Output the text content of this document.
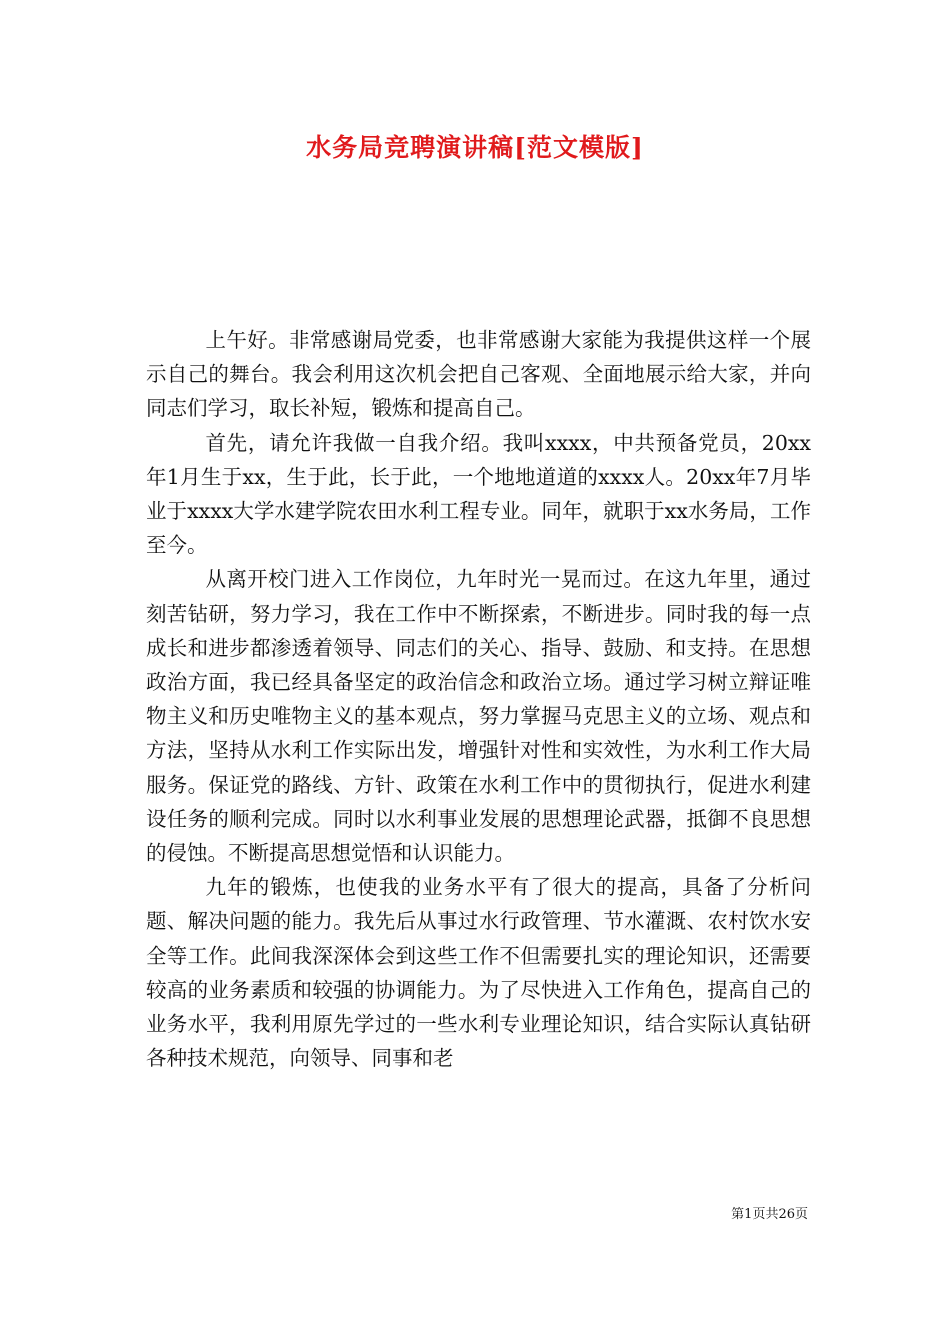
水务局竞聘演讲稿[范文模版]

上午好。非常感谢局党委，也非常感谢大家能为我提供这样一个展示自己的舞台。我会利用这次机会把自己客观、全面地展示给大家，并向同志们学习，取长补短，锻炼和提高自己。

首先，请允许我做一自我介绍。我叫xxxx，中共预备党员，20xx年1月生于xx，生于此，长于此，一个地地道道的xxxx人。20xx年7月毕业于xxxx大学水建学院农田水利工程专业。同年，就职于xx水务局，工作至今。

从离开校门进入工作岗位，九年时光一晃而过。在这九年里，通过刻苦钻研，努力学习，我在工作中不断探索，不断进步。同时我的每一点成长和进步都渗透着领导、同志们的关心、指导、鼓励、和支持。在思想政治方面，我已经具备坚定的政治信念和政治立场。通过学习树立辩证唯物主义和历史唯物主义的基本观点，努力掌握马克思主义的立场、观点和方法，坚持从水利工作实际出发，增强针对性和实效性，为水利工作大局服务。保证党的路线、方针、政策在水利工作中的贯彻执行，促进水利建设任务的顺利完成。同时以水利事业发展的思想理论武器，抵御不良思想的侵蚀。不断提高思想觉悟和认识能力。

九年的锻炼，也使我的业务水平有了很大的提高，具备了分析问题、解决问题的能力。我先后从事过水行政管理、节水灌溉、农村饮水安全等工作。此间我深深体会到这些工作不但需要扎实的理论知识，还需要较高的业务素质和较强的协调能力。为了尽快进入工作角色，提高自己的业务水平，我利用原先学过的一些水利专业理论知识，结合实际认真钻研各种技术规范，向领导、同事和老

第1页共26页
